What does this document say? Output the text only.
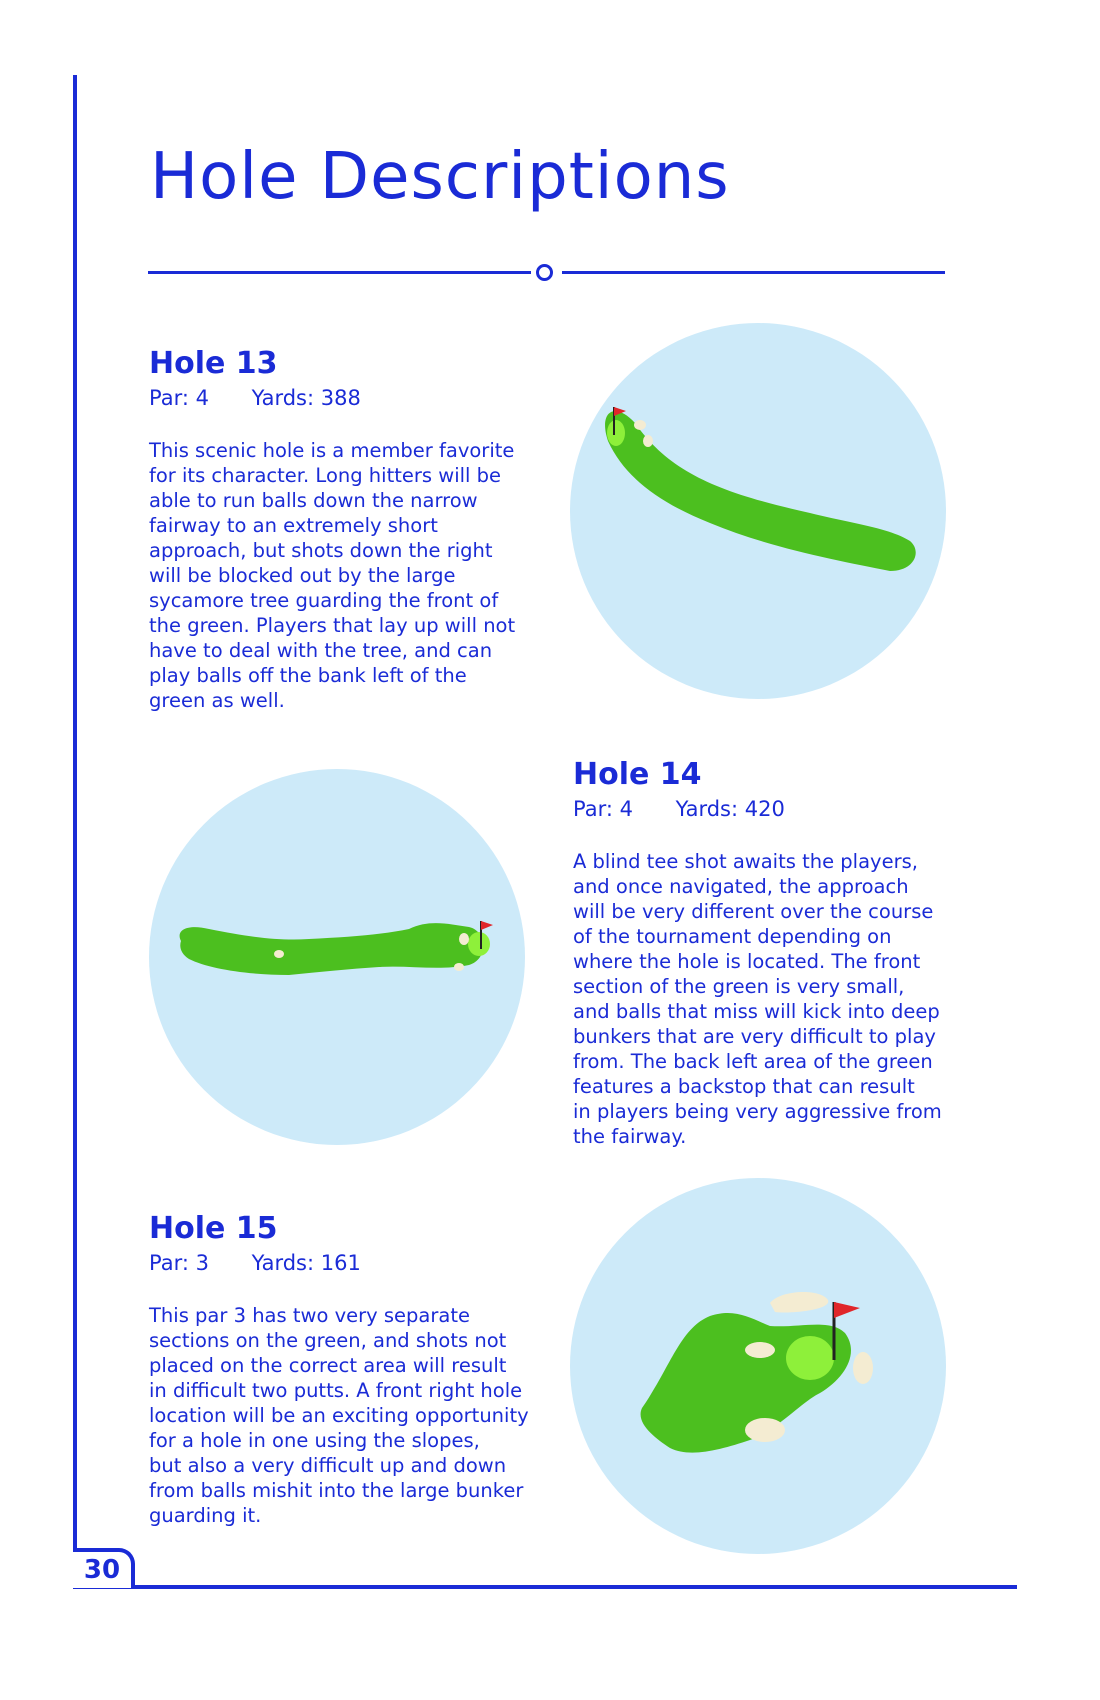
30
Hole Descriptions
Hole 13
Par: 4 Yards: 388

This scenic hole is a member favorite
for its character. Long hitters will be
able to run balls down the narrow
fairway to an extremely short
approach, but shots down the right
will be blocked out by the large
sycamore tree guarding the front of
the green. Players that lay up will not
have to deal with the tree, and can
play balls off the bank left of the
green as well.

Hole 14
Par: 4 Yards: 420

A blind tee shot awaits the players,
and once navigated, the approach
will be very different over the course
of the tournament depending on
where the hole is located. The front
section of the green is very small,
and balls that miss will kick into deep
bunkers that are very difficult to play
from. The back left area of the green
features a backstop that can result
in players being very aggressive from
the fairway.

Hole 15
Par: 3 Yards: 161

This par 3 has two very separate
sections on the green, and shots not
placed on the correct area will result
in difficult two putts. A front right hole
location will be an exciting opportunity
for a hole in one using the slopes,
but also a very difficult up and down
from balls mishit into the large bunker
guarding it.
